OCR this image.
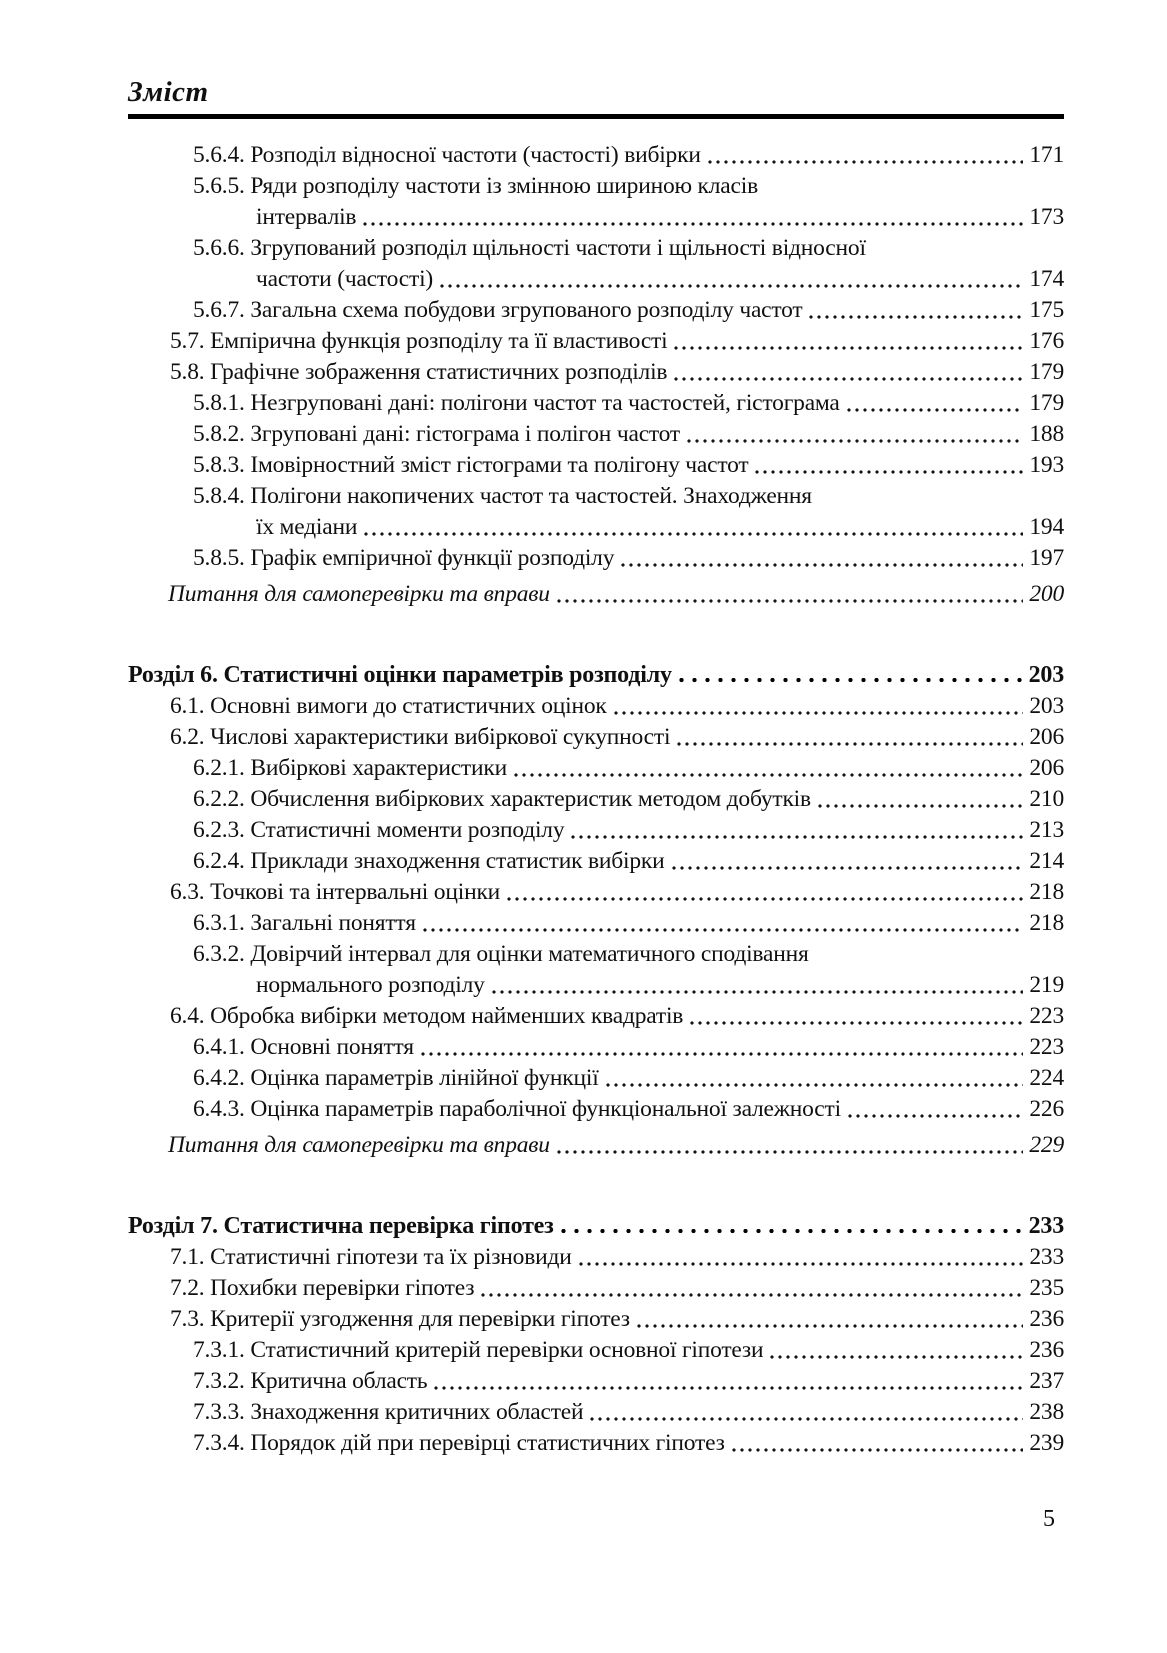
Зміст
5.6.4. Розподіл відносної частоти (частості) вибірки	171
5.6.5. Ряди розподілу частоти із змінною шириною класів
інтервалів	173
5.6.6. Згрупований розподіл щільності частоти і щільності відносної
частоти (частості)	174
5.6.7. Загальна схема побудови згрупованого розподілу частот	175
5.7. Емпірична функція розподілу та її властивості	176
5.8. Графічне зображення статистичних розподілів	179
5.8.1. Незгруповані дані: полігони частот та частостей, гістограма	179
5.8.2. Згруповані дані: гістограма і полігон частот	188
5.8.3. Імовірностний зміст гістограми та полігону частот	193
5.8.4. Полігони накопичених частот та частостей. Знаходження
їх медіани	194
5.8.5. Графік емпіричної функції розподілу	197
Питання для самоперевірки та вправи	200
Розділ 6. Статистичні оцінки параметрів розподілу	203
6.1. Основні вимоги до статистичних оцінок	203
6.2. Числові характеристики вибіркової сукупності	206
6.2.1. Вибіркові характеристики	206
6.2.2. Обчислення вибіркових характеристик методом добутків	210
6.2.3. Статистичні моменти розподілу	213
6.2.4. Приклади знаходження статистик вибірки	214
6.3. Точкові та інтервальні оцінки	218
6.3.1. Загальні поняття	218
6.3.2. Довірчий інтервал для оцінки математичного сподівання
нормального розподілу	219
6.4. Обробка вибірки методом найменших квадратів	223
6.4.1. Основні поняття	223
6.4.2. Оцінка параметрів лінійної функції	224
6.4.3. Оцінка параметрів параболічної функціональної залежності	226
Питання для самоперевірки та вправи	229
Розділ 7. Статистична перевірка гіпотез	233
7.1. Статистичні гіпотези та їх різновиди	233
7.2. Похибки перевірки гіпотез	235
7.3. Критерії узгодження для перевірки гіпотез	236
7.3.1. Статистичний критерій перевірки основної гіпотези	236
7.3.2. Критична область	237
7.3.3. Знаходження критичних областей	238
7.3.4. Порядок дій при перевірці статистичних гіпотез	239
5
